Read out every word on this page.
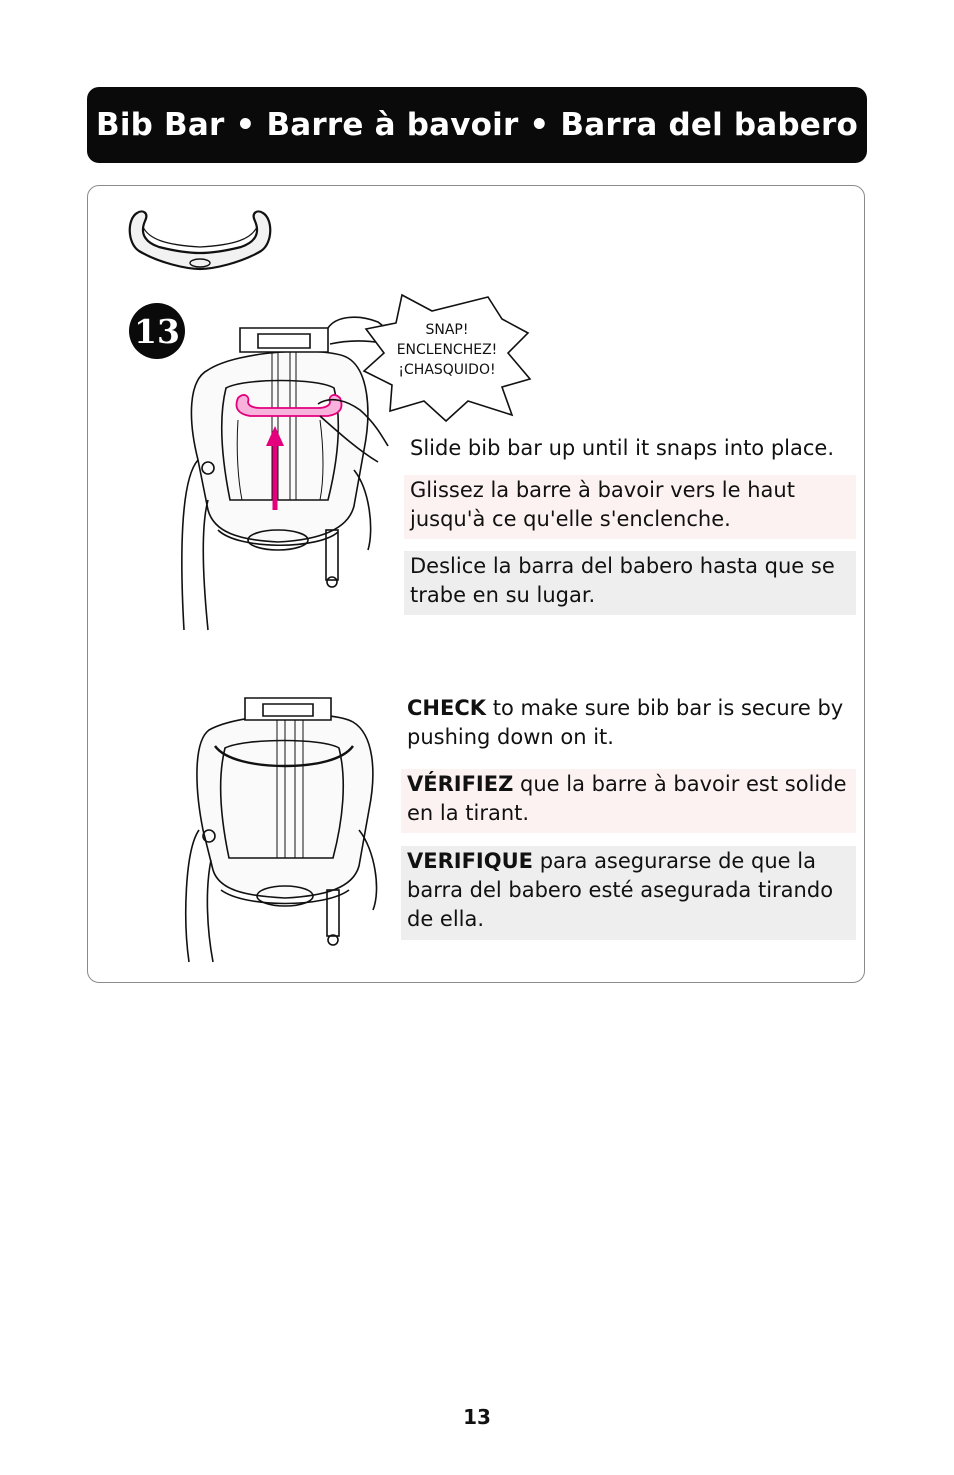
Bib Bar • Barre à bavoir • Barra del babero
13	SNAP!
ENCLENCHEZ!
¡CHASQUIDO!
Slide bib bar up until it snaps into place.
Glissez la barre à bavoir vers le haut jusqu'à ce qu'elle s'enclenche.
Deslice la barra del babero hasta que se trabe en su lugar.
CHECK to make sure bib bar is secure by pushing down on it.
VÉRIFIEZ que la barre à bavoir est solide en la tirant.
VERIFIQUE para asegurarse de que la barra del babero esté asegurada tirando de ella.
13
